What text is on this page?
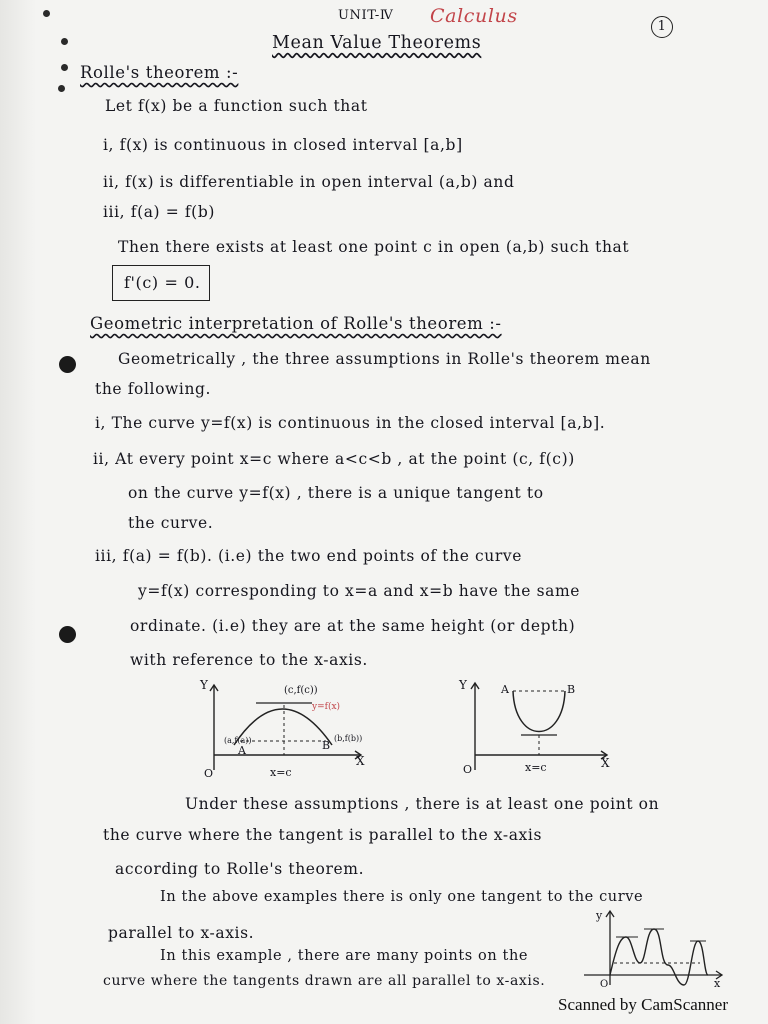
UNIT-Ⅳ Calculus	1
Mean Value Theorems
Rolle's theorem :-
Let f(x) be a function such that
i, f(x) is continuous in closed interval [a,b]
ii, f(x) is differentiable in open interval (a,b) and
iii, f(a) = f(b)
Then there exists at least one point c in open (a,b) such that
f'(c) = 0.
Geometric interpretation of Rolle's theorem :-
Geometrically , the three assumptions in Rolle's theorem mean
the following.
i, The curve y=f(x) is continuous in the closed interval [a,b].
ii, At every point x=c where a<c<b , at the point (c, f(c))
on the curve y=f(x) , there is a unique tangent to
the curve.
iii, f(a) = f(b). (i.e) the two end points of the curve
y=f(x) corresponding to x=a and x=b have the same
ordinate. (i.e) they are at the same height (or depth)
with reference to the x-axis.
Y
X
O
(c,f(c))
y=f(x)
A
(a,f(a))	B
(b,f(b))
x=c
Y
X
O
A	B
x=c
Under these assumptions , there is at least one point on
the curve where the tangent is parallel to the x-axis
according to Rolle's theorem.
In the above examples there is only one tangent to the curve
parallel to x-axis.
In this example , there are many points on the
curve where the tangents drawn are all parallel to x-axis.
y
x
O
Scanned by CamScanner
